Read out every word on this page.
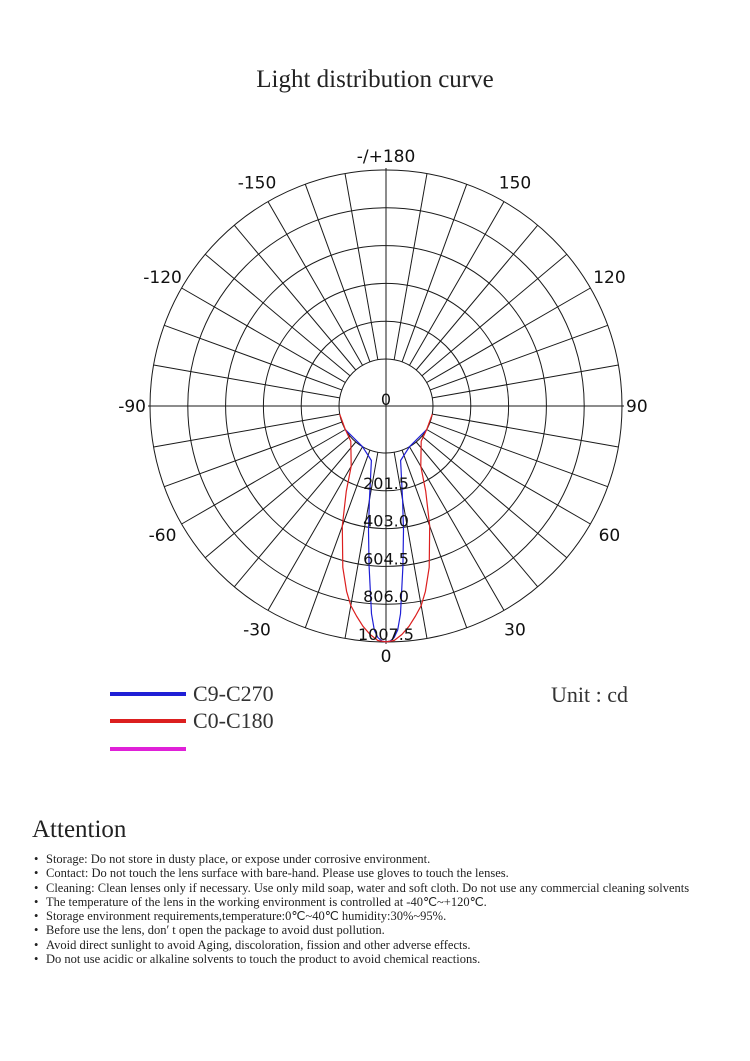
Light distribution curve
0
201.5
403.0
604.5
806.0
1007.5
-/+180
150
120
90
60
30
0
-30
-60
-90
-120
-150
C9-C270
C0-C180
Unit : cd
Attention
• Storage: Do not store in dusty place, or expose under corrosive environment.
• Contact: Do not touch the lens surface with bare-hand. Please use gloves to touch the lenses.
• Cleaning: Clean lenses only if necessary. Use only mild soap, water and soft cloth. Do not use any commercial cleaning solvents
• The temperature of the lens in the working environment is controlled at -40℃~+120℃.
• Storage environment requirements,temperature:0℃~40℃ humidity:30%~95%.
• Before use the lens, don′ t open the package to avoid dust pollution.
• Avoid direct sunlight to avoid Aging, discoloration, fission and other adverse effects.
• Do not use acidic or alkaline solvents to touch the product to avoid chemical reactions.
